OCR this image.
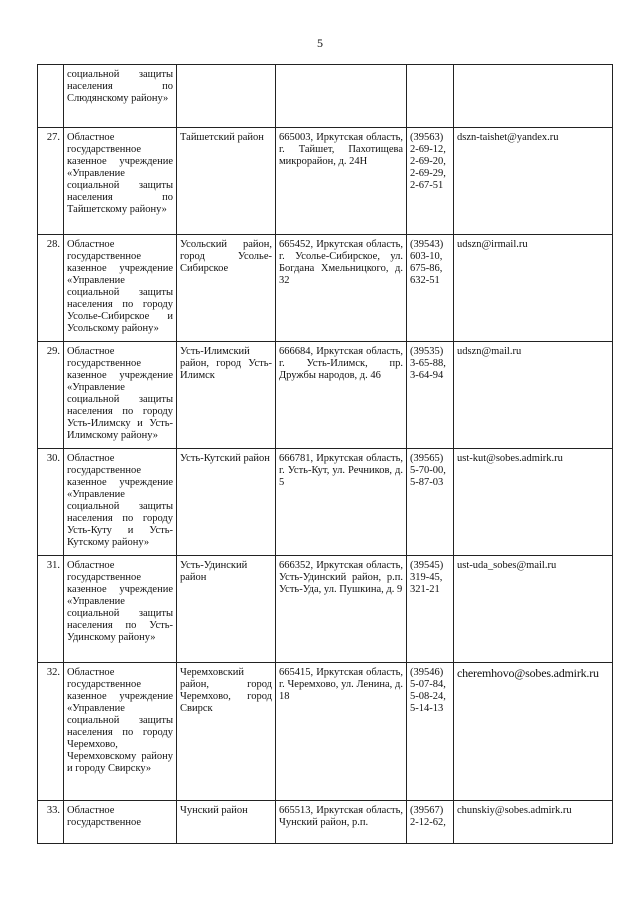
5
	социальной защиты населения по Слюдянскому району»				
27.	Областное государственное казенное учреждение «Управление социальной защиты населения по Тайшетскому району»	Тайшетский район	665003, Иркутская область, г. Тайшет, Пахотищева микрорайон, д. 24Н	(39563) 2-69-12, 2-69-20, 2-69-29, 2-67-51	dszn-taishet@yandex.ru
28.	Областное государственное казенное учреждение «Управление социальной защиты населения по городу Усолье-Сибирское и Усольскому району»	Усольский район, город Усолье-Сибирское	665452, Иркутская область, г. Усолье-Сибирское, ул. Богдана Хмельницкого, д. 32	(39543) 603-10, 675-86, 632-51	udszn@irmail.ru
29.	Областное государственное казенное учреждение «Управление социальной защиты населения по городу Усть-Илимску и Усть-Илимскому району»	Усть-Илимский район, город Усть-Илимск	666684, Иркутская область, г. Усть-Илимск, пр. Дружбы народов, д. 46	(39535) 3-65-88, 3-64-94	udszn@mail.ru
30.	Областное государственное казенное учреждение «Управление социальной защиты населения по городу Усть-Куту и Усть-Кутскому району»	Усть-Кутский район	666781, Иркутская область, г. Усть-Кут, ул. Речников, д. 5	(39565) 5-70-00, 5-87-03	ust-kut@sobes.admirk.ru
31.	Областное государственное казенное учреждение «Управление социальной защиты населения по Усть-Удинскому району»	Усть-Удинский район	666352, Иркутская область, Усть-Удинский район, р.п. Усть-Уда, ул. Пушкина, д. 9	(39545) 319-45, 321-21	ust-uda_sobes@mail.ru
32.	Областное государственное казенное учреждение «Управление социальной защиты населения по городу Черемхово, Черемховскому району и городу Свирску»	Черемховский район, город Черемхово, город Свирск	665415, Иркутская область, г. Черемхово, ул. Ленина, д. 18	(39546) 5-07-84, 5-08-24, 5-14-13	cheremhovo@sobes.admirk.ru
33.	Областное государственное	Чунский район	665513, Иркутская область, Чунский район, р.п.	(39567) 2-12-62,	chunskiy@sobes.admirk.ru
